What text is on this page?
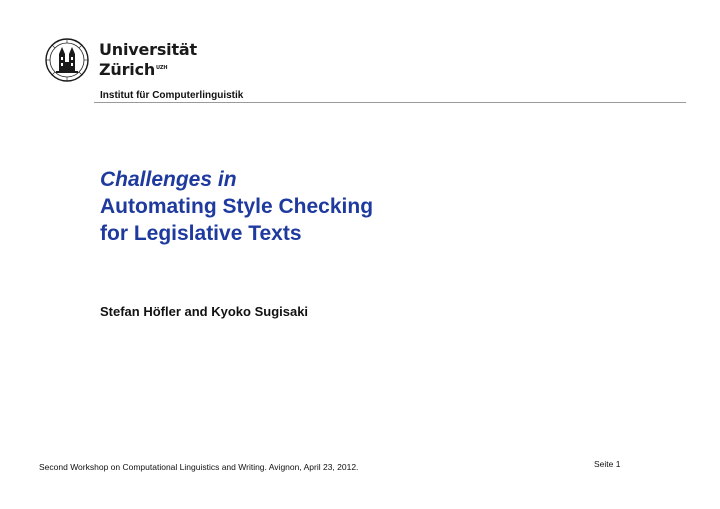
Universität
Zürich$^{UZH}$
Institut für Computerlinguistik
Challenges in
Automating Style Checking
for Legislative Texts
Stefan Höfler and Kyoko Sugisaki
Second Workshop on Computational Linguistics and Writing. Avignon, April 23, 2012.	Seite 1
